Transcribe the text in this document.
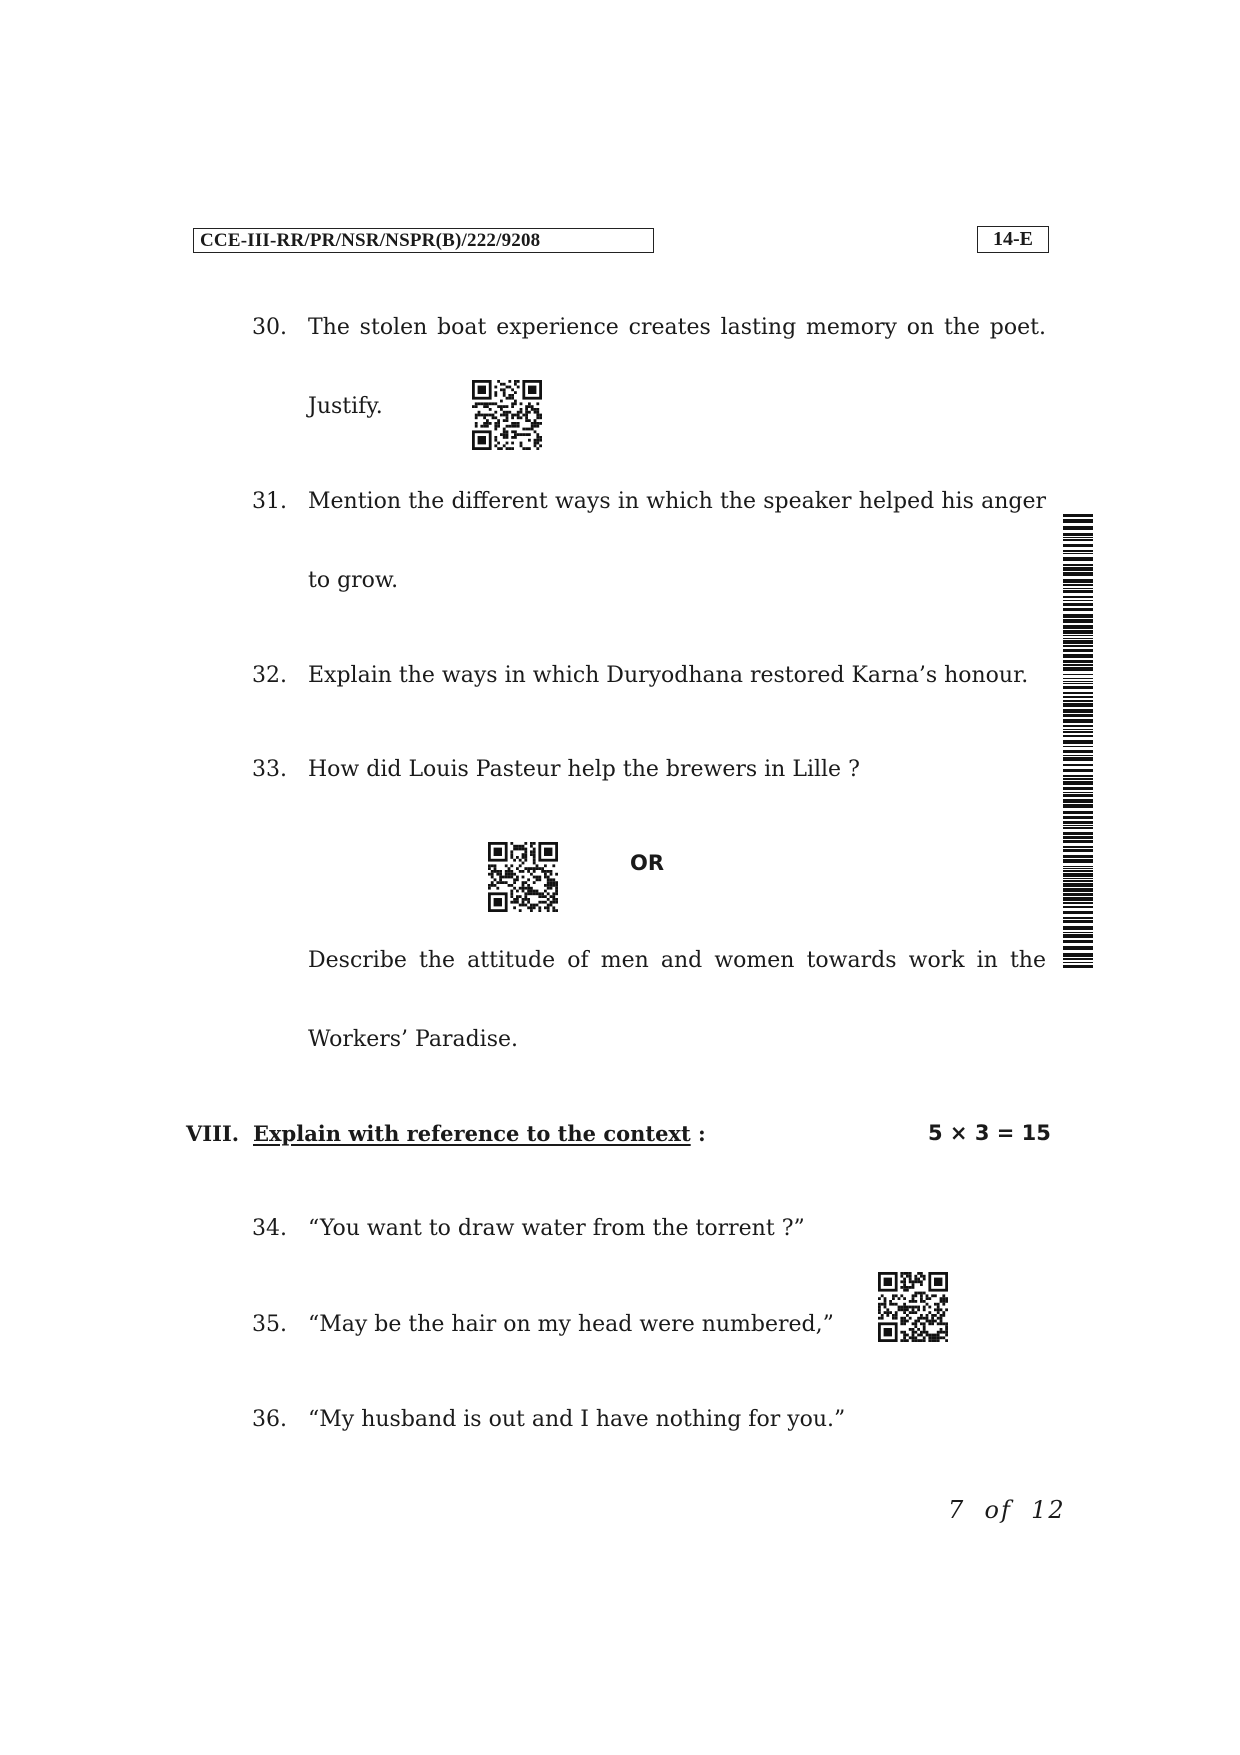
CCE-III-RR/PR/NSR/NSPR(B)/222/9208	14-E
30. The stolen boat experience creates lasting memory on the poet.
Justify.
31. Mention the different ways in which the speaker helped his anger
to grow.
32. Explain the ways in which Duryodhana restored Karna’s honour.
33. How did Louis Pasteur help the brewers in Lille ?
OR
Describe the attitude of men and women towards work in the
Workers’ Paradise.
VIII. Explain with reference to the context :	5 × 3 = 15
34. “You want to draw water from the torrent ?”
35. “May be the hair on my head were numbered,”
36. “My husband is out and I have nothing for you.”
7  of  12
